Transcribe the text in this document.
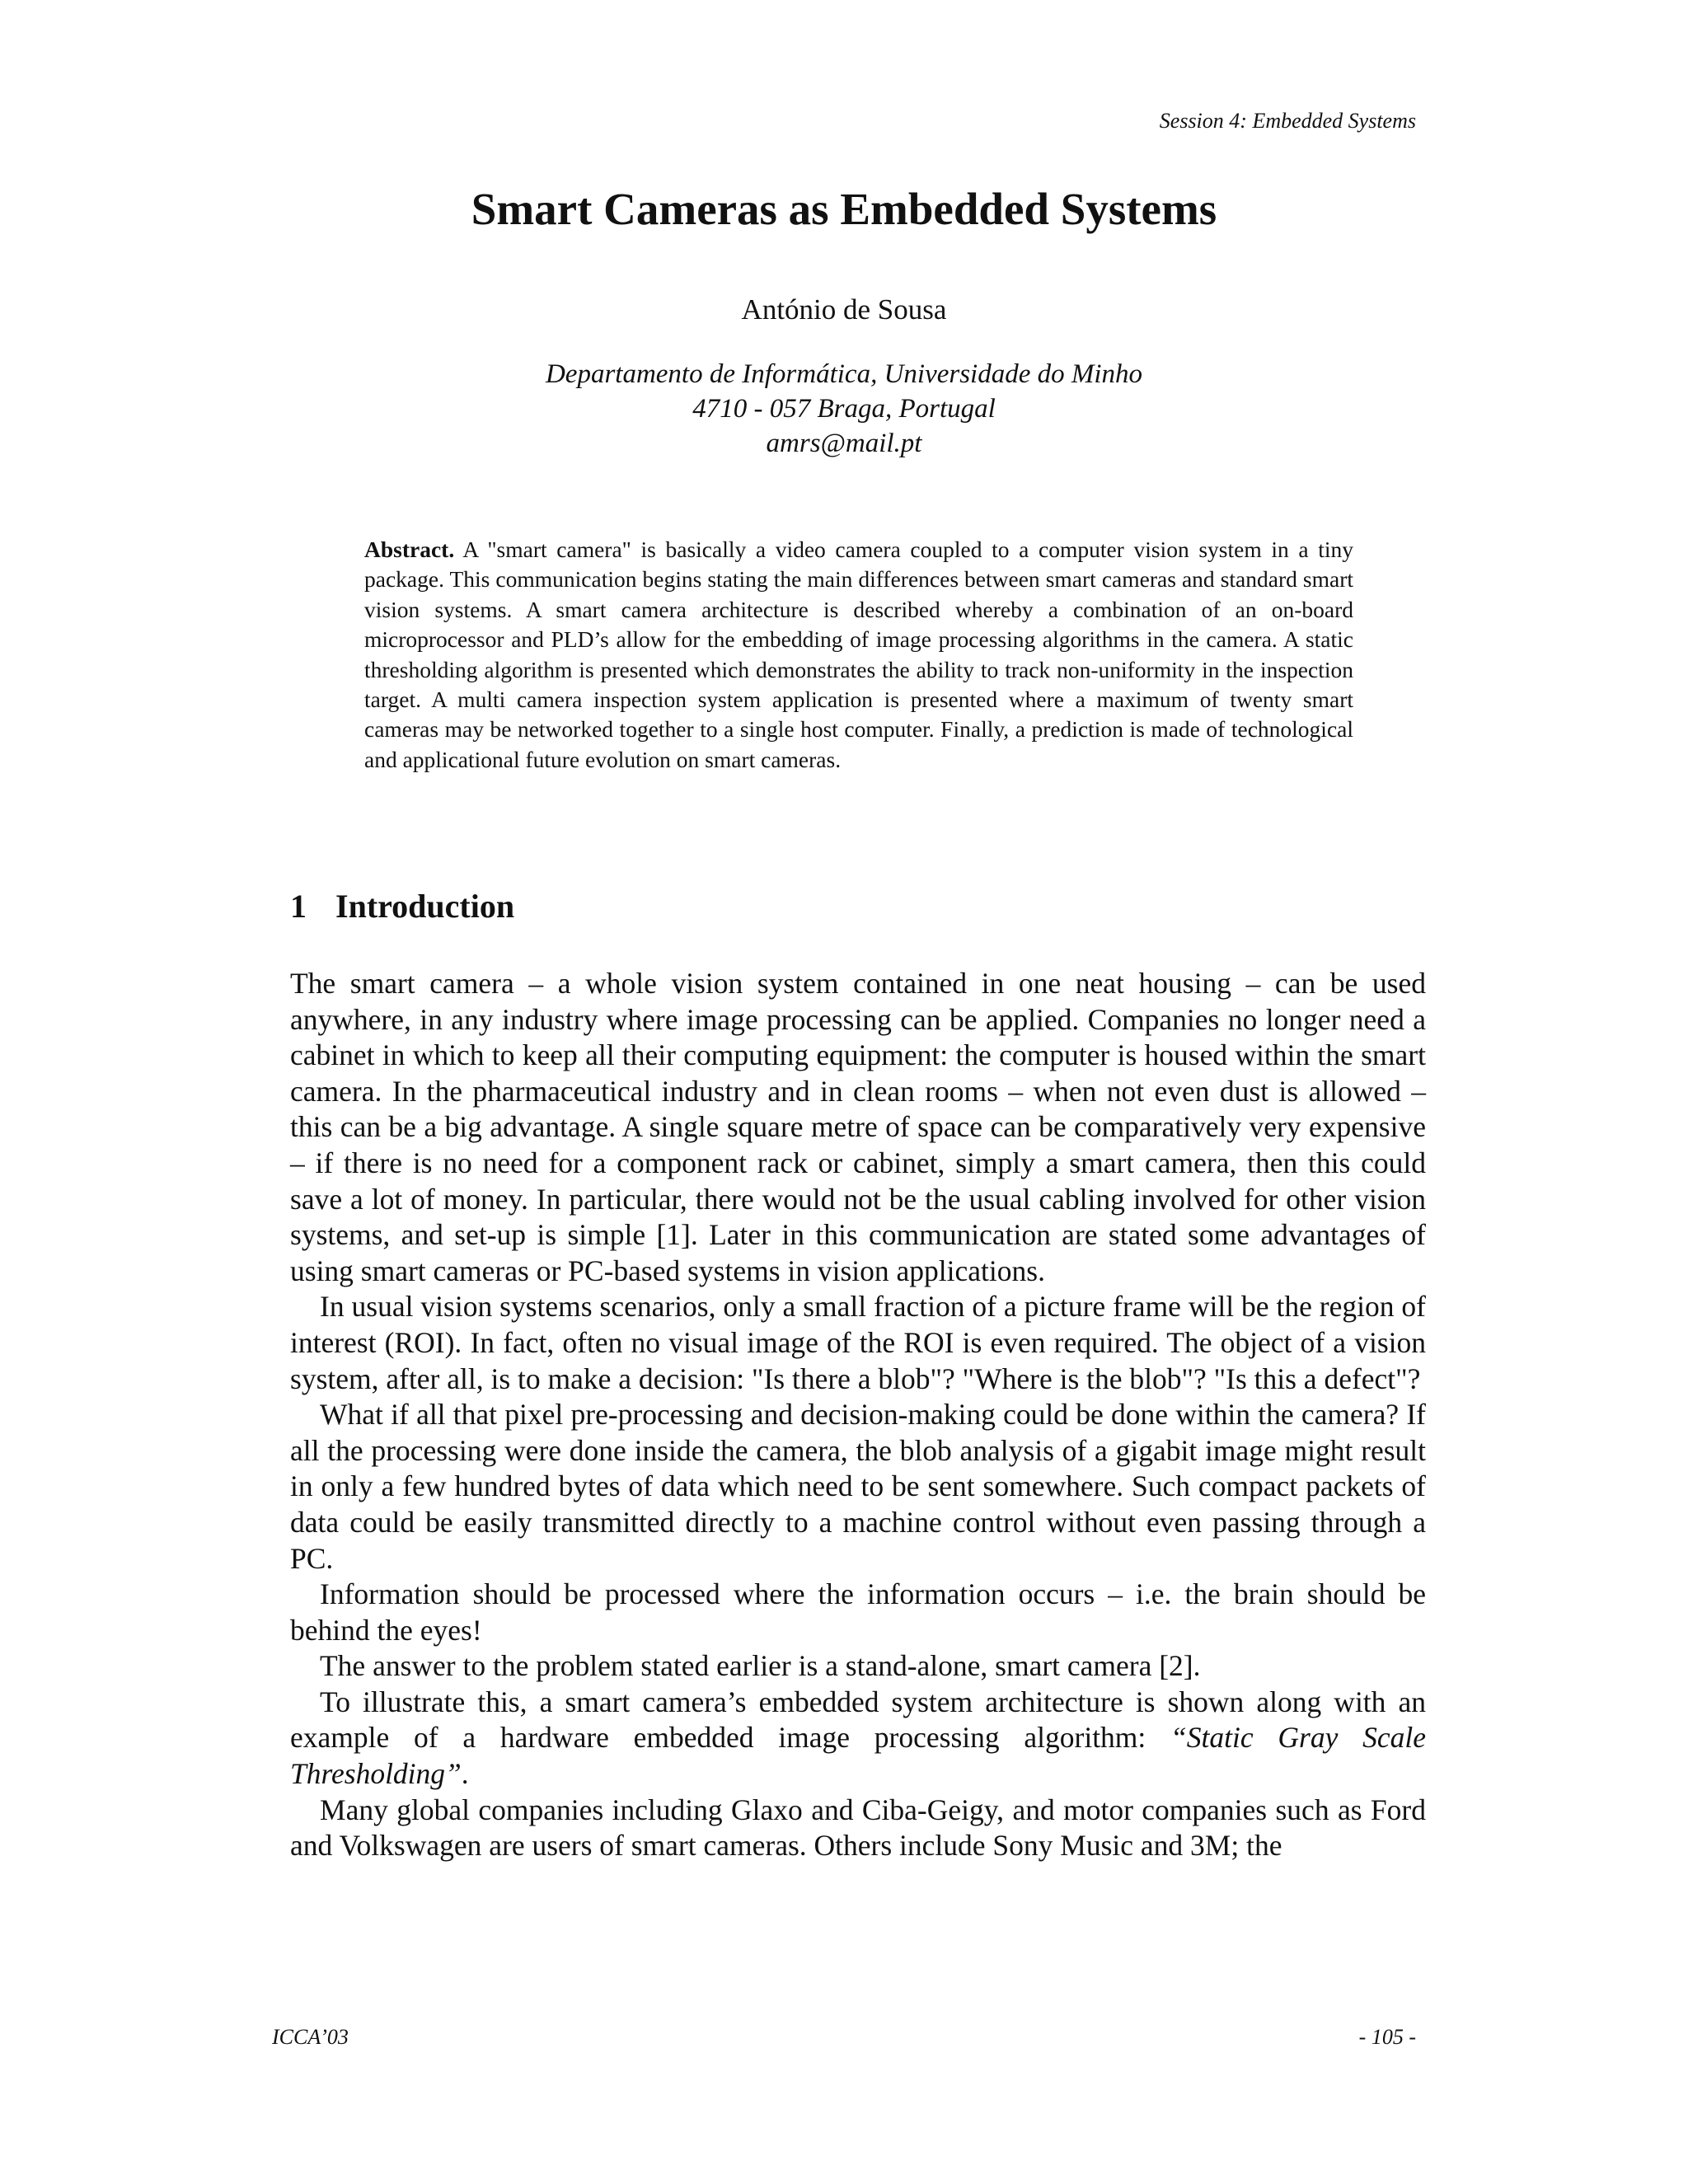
Session 4: Embedded Systems
Smart Cameras as Embedded Systems
António de Sousa
Departamento de Informática, Universidade do Minho
4710 - 057 Braga, Portugal
amrs@mail.pt

Abstract. A "smart camera" is basically a video camera coupled to a computer vision system in a tiny package. This communication begins stating the main differences between smart cameras and standard smart vision systems. A smart camera architecture is described whereby a combination of an on-board microprocessor and PLD’s allow for the embedding of image processing algorithms in the camera. A static thresholding algorithm is presented which demonstrates the ability to track non-uniformity in the inspection target. A multi camera inspection system application is presented where a maximum of twenty smart cameras may be networked together to a single host computer. Finally, a prediction is made of technological and applicational future evolution on smart cameras.

1 Introduction

The smart camera – a whole vision system contained in one neat housing – can be used anywhere, in any industry where image processing can be applied. Companies no longer need a cabinet in which to keep all their computing equipment: the computer is housed within the smart camera. In the pharmaceutical industry and in clean rooms – when not even dust is allowed – this can be a big advantage. A single square metre of space can be comparatively very expensive – if there is no need for a component rack or cabinet, simply a smart camera, then this could save a lot of money. In particular, there would not be the usual cabling involved for other vision systems, and set-up is simple [1]. Later in this communication are stated some advantages of using smart cameras or PC-based systems in vision applications.

In usual vision systems scenarios, only a small fraction of a picture frame will be the region of interest (ROI). In fact, often no visual image of the ROI is even required. The object of a vision system, after all, is to make a decision: "Is there a blob"? "Where is the blob"? "Is this a defect"?

What if all that pixel pre-processing and decision-making could be done within the camera? If all the processing were done inside the camera, the blob analysis of a gigabit image might result in only a few hundred bytes of data which need to be sent somewhere. Such compact packets of data could be easily transmitted directly to a machine control without even passing through a PC.

Information should be processed where the information occurs – i.e. the brain should be behind the eyes!

The answer to the problem stated earlier is a stand-alone, smart camera [2].

To illustrate this, a smart camera’s embedded system architecture is shown along with an example of a hardware embedded image processing algorithm: “Static Gray Scale Thresholding”.

Many global companies including Glaxo and Ciba-Geigy, and motor companies such as Ford and Volkswagen are users of smart cameras. Others include Sony Music and 3M; the

ICCA’03	- 105 -
